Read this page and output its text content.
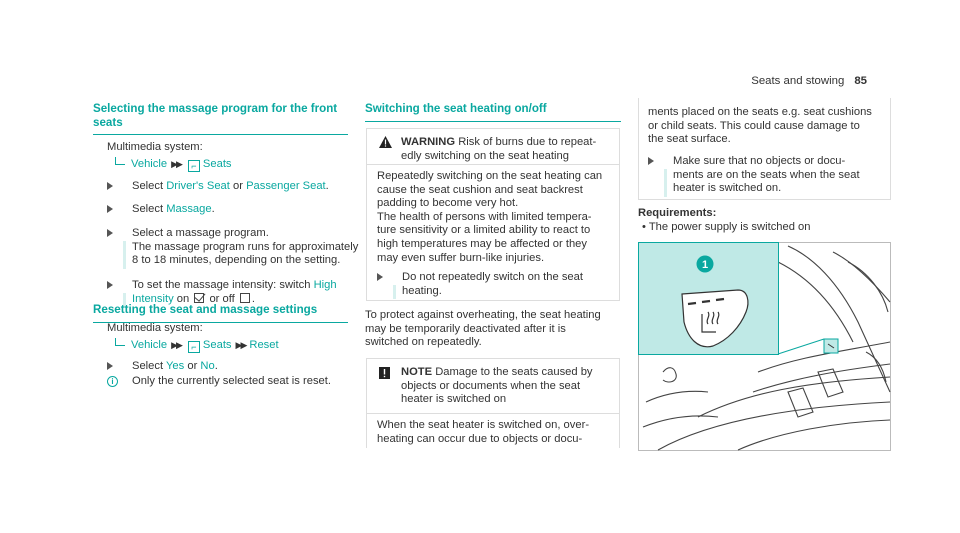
Seats and stowing 85
Selecting the massage program for the front
seats
Multimedia system:
Vehicle ▶▶ ⌐ Seats
Select Driver's Seat or Passenger Seat.
Select Massage.
Select a massage program.
The massage program runs for approximately
8 to 18 minutes, depending on the setting.
To set the massage intensity: switch High
Intensity on  or off .
Resetting the seat and massage settings
Multimedia system:
Vehicle ▶▶ ⌐ Seats ▶▶ Reset
Select Yes or No.
i	Only the currently selected seat is reset.
Switching the seat heating on/off
WARNING Risk of burns due to repeat-
edly switching on the seat heating
Repeatedly switching on the seat heating can
cause the seat cushion and seat backrest
padding to become very hot.
The health of persons with limited tempera-
ture sensitivity or a limited ability to react to
high temperatures may be affected or they
may even suffer burn-like injuries.
Do not repeatedly switch on the seat
heating.
To protect against overheating, the seat heating
may be temporarily deactivated after it is
switched on repeatedly.
NOTE Damage to the seats caused by
objects or documents when the seat
heater is switched on
When the seat heater is switched on, over-
heating can occur due to objects or docu-
ments placed on the seats e.g. seat cushions
or child seats. This could cause damage to
the seat surface.
Make sure that no objects or docu-
ments are on the seats when the seat
heater is switched on.
Requirements:
• The power supply is switched on
1
